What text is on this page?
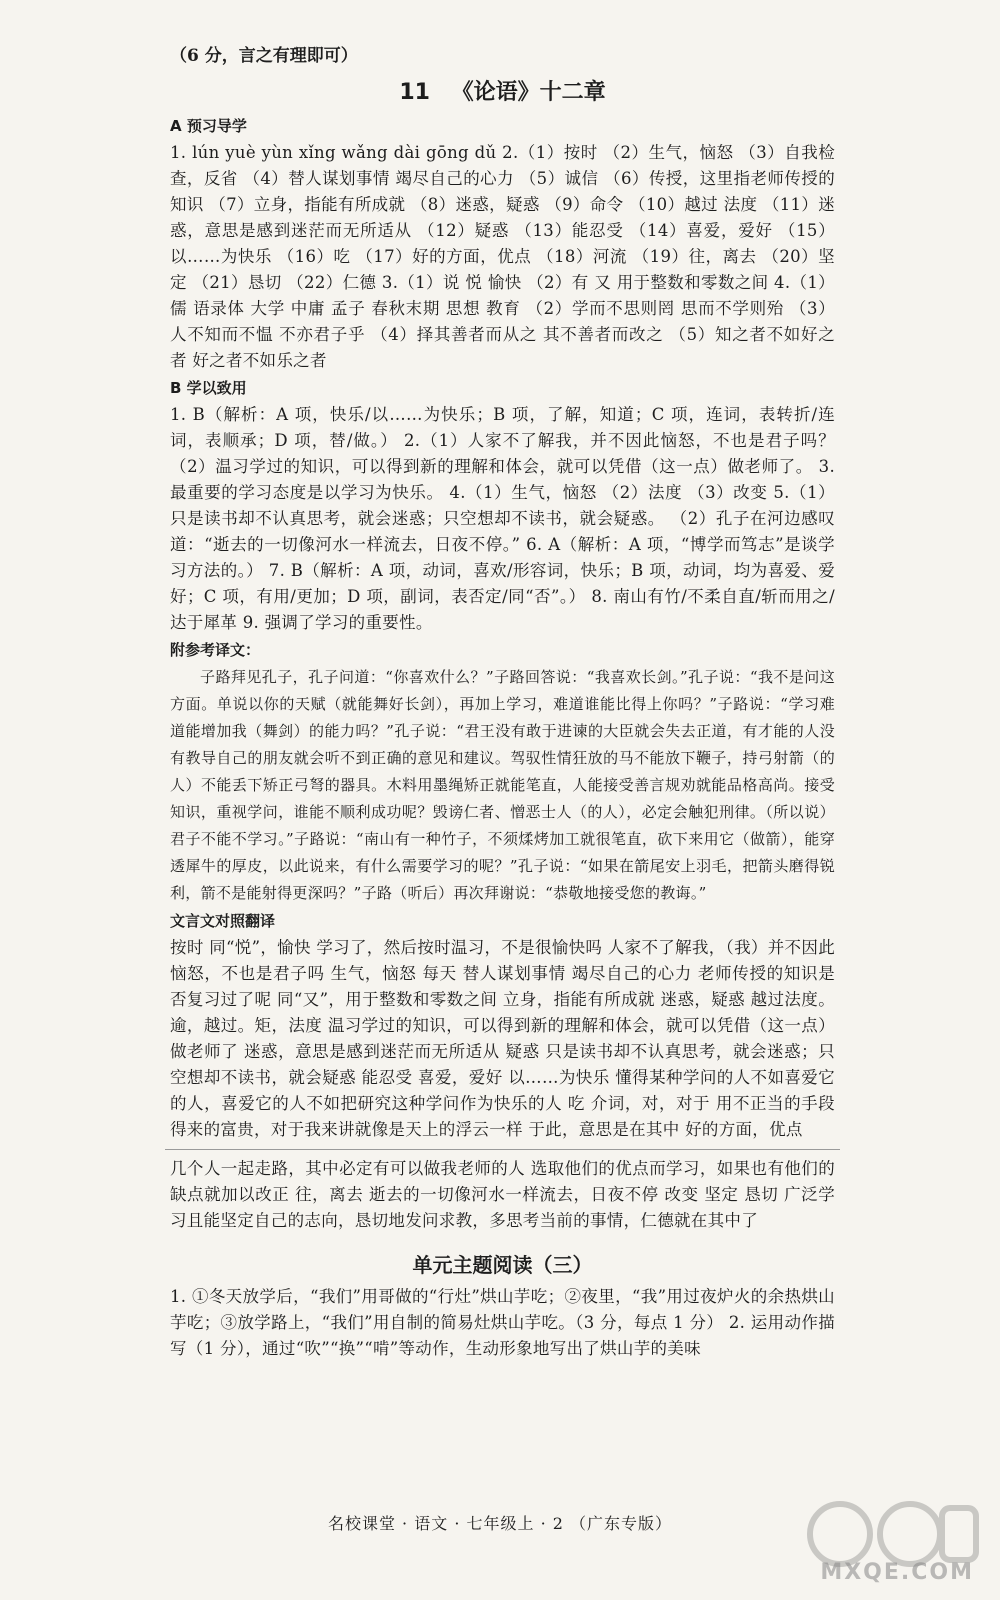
（6 分，言之有理即可）

11 《论语》十二章
A 预习导学

1. lún yuè yùn xǐng wǎng dài gōng dǔ 2.（1）按时 （2）生气，恼怒 （3）自我检查，反省 （4）替人谋划事情 竭尽自己的心力 （5）诚信 （6）传授，这里指老师传授的知识 （7）立身，指能有所成就 （8）迷惑，疑惑 （9）命令 （10）越过 法度 （11）迷惑，意思是感到迷茫而无所适从 （12）疑惑 （13）能忍受 （14）喜爱，爱好 （15）以……为快乐 （16）吃 （17）好的方面，优点 （18）河流 （19）往，离去 （20）坚定 （21）恳切 （22）仁德 3.（1）说 悦 愉快 （2）有 又 用于整数和零数之间 4.（1）儒 语录体 大学 中庸 孟子 春秋末期 思想 教育 （2）学而不思则罔 思而不学则殆 （3）人不知而不愠 不亦君子乎 （4）择其善者而从之 其不善者而改之 （5）知之者不如好之者 好之者不如乐之者

B 学以致用

1. B（解析：A 项，快乐/以……为快乐；B 项，了解，知道；C 项，连词，表转折/连词，表顺承；D 项，替/做。） 2.（1）人家不了解我，并不因此恼怒，不也是君子吗？ （2）温习学过的知识，可以得到新的理解和体会，就可以凭借（这一点）做老师了。 3. 最重要的学习态度是以学习为快乐。 4.（1）生气，恼怒 （2）法度 （3）改变 5.（1）只是读书却不认真思考，就会迷惑；只空想却不读书，就会疑惑。 （2）孔子在河边感叹道：“逝去的一切像河水一样流去，日夜不停。” 6. A（解析：A 项，“博学而笃志”是谈学习方法的。） 7. B（解析：A 项，动词，喜欢/形容词，快乐；B 项，动词，均为喜爱、爱好；C 项，有用/更加；D 项，副词，表否定/同“否”。） 8. 南山有竹/不柔自直/斩而用之/达于犀革 9. 强调了学习的重要性。

附参考译文：

子路拜见孔子，孔子问道：“你喜欢什么？”子路回答说：“我喜欢长剑。”孔子说：“我不是问这方面。单说以你的天赋（就能舞好长剑），再加上学习，难道谁能比得上你吗？”子路说：“学习难道能增加我（舞剑）的能力吗？”孔子说：“君王没有敢于进谏的大臣就会失去正道，有才能的人没有教导自己的朋友就会听不到正确的意见和建议。驾驭性情狂放的马不能放下鞭子，持弓射箭（的人）不能丢下矫正弓弩的器具。木料用墨绳矫正就能笔直，人能接受善言规劝就能品格高尚。接受知识，重视学问，谁能不顺利成功呢？毁谤仁者、憎恶士人（的人），必定会触犯刑律。（所以说）君子不能不学习。”子路说：“南山有一种竹子，不须煣烤加工就很笔直，砍下来用它（做箭），能穿透犀牛的厚皮，以此说来，有什么需要学习的呢？”孔子说：“如果在箭尾安上羽毛，把箭头磨得锐利，箭不是能射得更深吗？”子路（听后）再次拜谢说：“恭敬地接受您的教诲。”

文言文对照翻译

按时 同“悦”，愉快 学习了，然后按时温习，不是很愉快吗 人家不了解我，（我）并不因此恼怒，不也是君子吗 生气，恼怒 每天 替人谋划事情 竭尽自己的心力 老师传授的知识是否复习过了呢 同“又”，用于整数和零数之间 立身，指能有所成就 迷惑，疑惑 越过法度。逾，越过。矩，法度 温习学过的知识，可以得到新的理解和体会，就可以凭借（这一点）做老师了 迷惑，意思是感到迷茫而无所适从 疑惑 只是读书却不认真思考，就会迷惑；只空想却不读书，就会疑惑 能忍受 喜爱，爱好 以……为快乐 懂得某种学问的人不如喜爱它的人，喜爱它的人不如把研究这种学问作为快乐的人 吃 介词，对，对于 用不正当的手段得来的富贵，对于我来讲就像是天上的浮云一样 于此，意思是在其中 好的方面，优点

几个人一起走路，其中必定有可以做我老师的人 选取他们的优点而学习，如果也有他们的缺点就加以改正 往，离去 逝去的一切像河水一样流去，日夜不停 改变 坚定 恳切 广泛学习且能坚定自己的志向，恳切地发问求教，多思考当前的事情，仁德就在其中了

单元主题阅读（三）

1. ①冬天放学后，“我们”用哥做的“行灶”烘山芋吃；②夜里，“我”用过夜炉火的余热烘山芋吃；③放学路上，“我们”用自制的简易灶烘山芋吃。（3 分，每点 1 分） 2. 运用动作描写（1 分），通过“吹”“换”“啃”等动作，生动形象地写出了烘山芋的美味

名校课堂 · 语文 · 七年级上 · 2 （广东专版）
MXQE.COM
